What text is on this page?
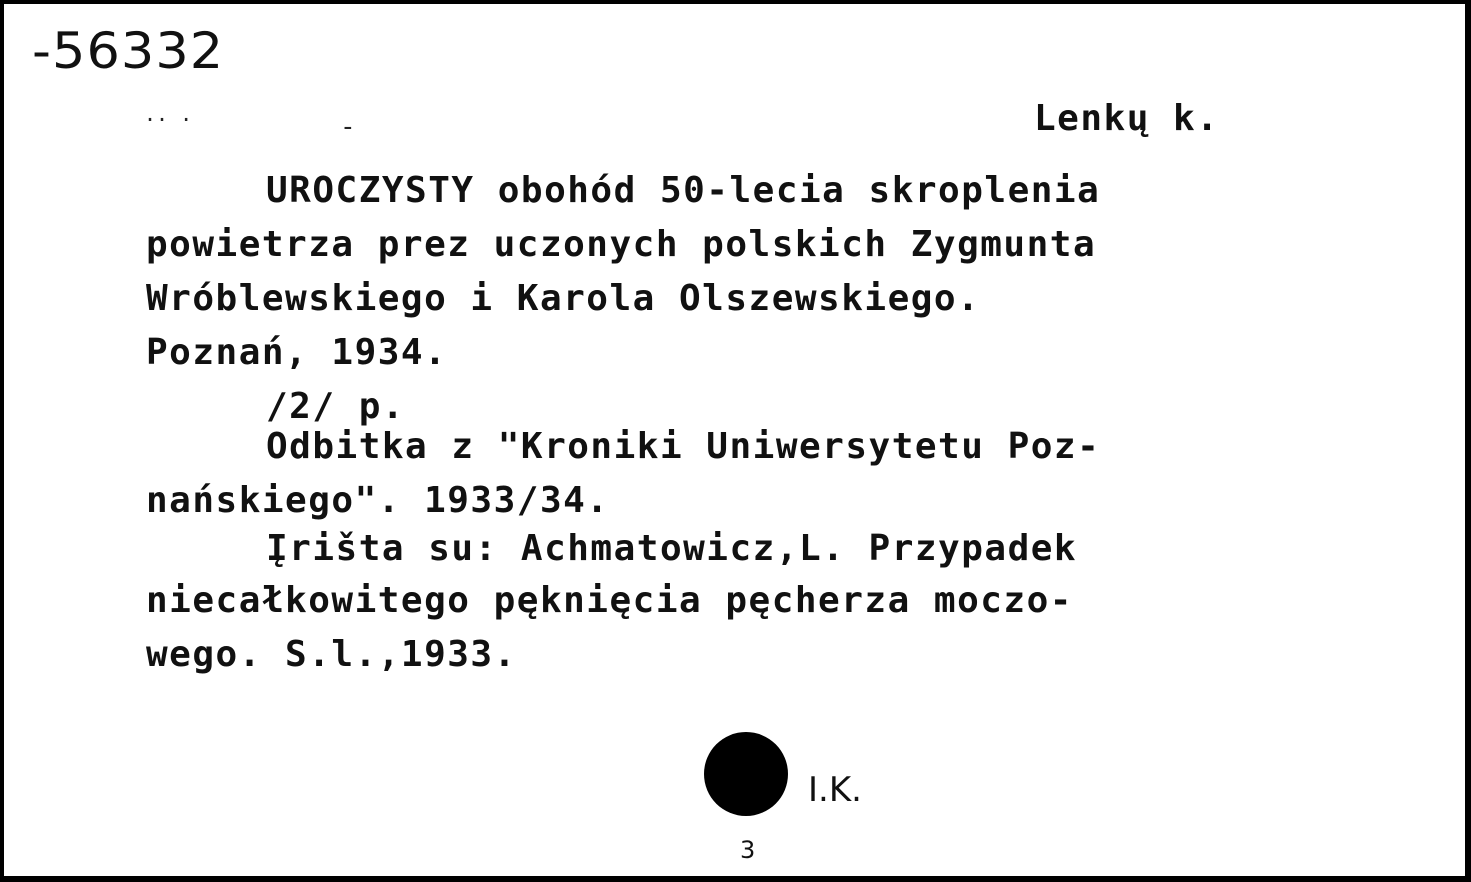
-56332
.. .	-	Lenkų k.

UROCZYSTY obohód 50-lecia skroplenia

powietrza prez uczonych polskich Zygmunta

Wróblewskiego i Karola Olszewskiego.

Poznań, 1934.

/2/ p.

Odbitka z "Kroniki Uniwersytetu Poz-

nańskiego". 1933/34.

Įrišta su: Achmatowicz,L. Przypadek

niecałkowitego pęknięcia pęcherza moczo-

wego. S.l.,1933.

I.K.
3
